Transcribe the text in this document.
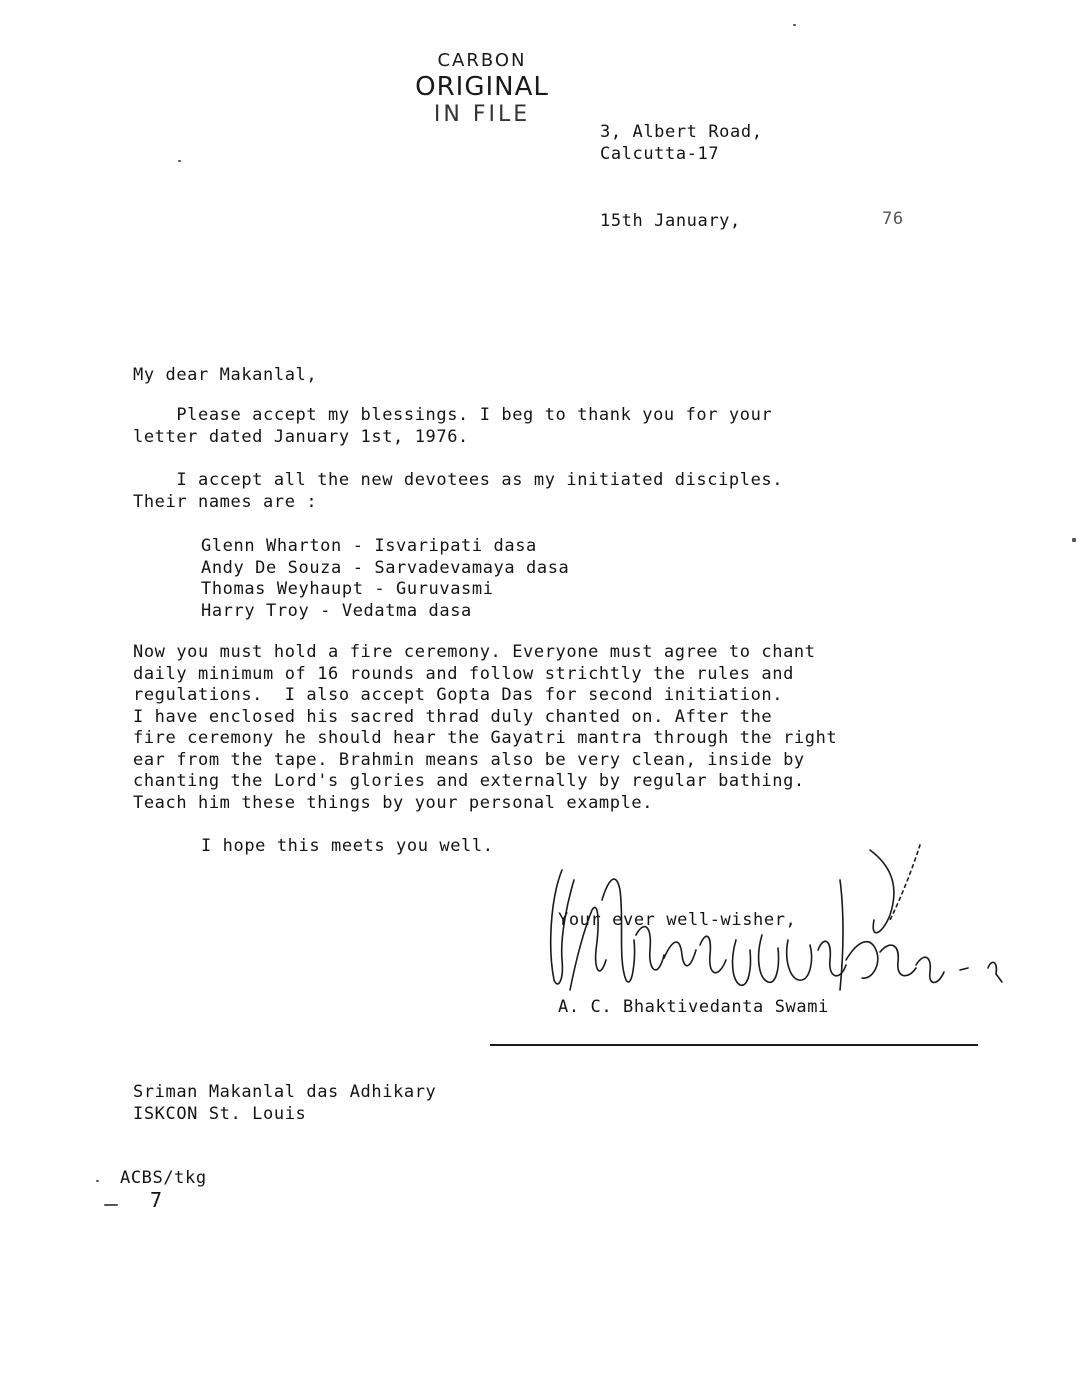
CARBON
ORIGINAL
IN FILE
3, Albert Road,
Calcutta-17
15th January,	76
My dear Makanlal,
Please accept my blessings. I beg to thank you for your
letter dated January 1st, 1976.
I accept all the new devotees as my initiated disciples.
Their names are :
Glenn Wharton - Isvaripati dasa
Andy De Souza - Sarvadevamaya dasa
Thomas Weyhaupt - Guruvasmi
Harry Troy - Vedatma dasa
Now you must hold a fire ceremony. Everyone must agree to chant
daily minimum of 16 rounds and follow strichtly the rules and
regulations.  I also accept Gopta Das for second initiation.
I have enclosed his sacred thrad duly chanted on. After the
fire ceremony he should hear the Gayatri mantra through the right
ear from the tape. Brahmin means also be very clean, inside by
chanting the Lord's glories and externally by regular bathing.
Teach him these things by your personal example.
I hope this meets you well.
Your ever well-wisher,
A. C. Bhaktivedanta Swami
Sriman Makanlal das Adhikary
ISKCON St. Louis
ACBS/tkg
7
